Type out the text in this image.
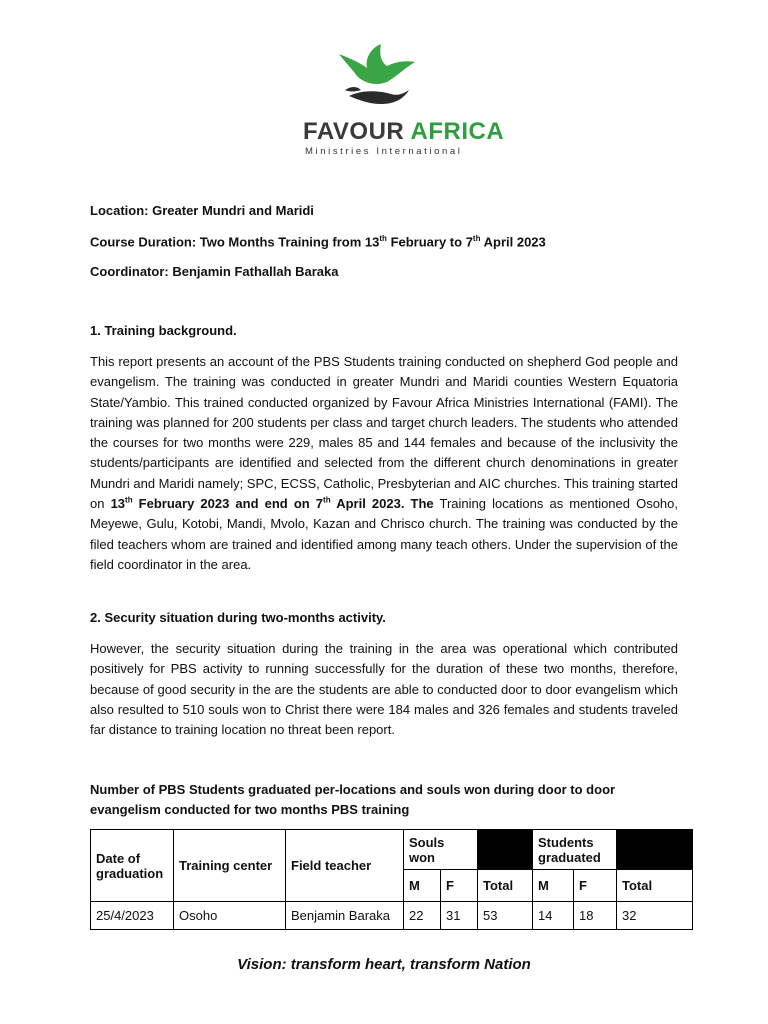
FAVOUR AFRICA
Ministries International
Location: Greater Mundri and Maridi
Course Duration: Two Months Training from 13th February to 7th April 2023
Coordinator: Benjamin Fathallah Baraka
1. Training background.
This report presents an account of the PBS Students training conducted on shepherd God people and evangelism. The training was conducted in greater Mundri and Maridi counties Western Equatoria State/Yambio. This trained conducted organized by Favour Africa Ministries International (FAMI). The training was planned for 200 students per class and target church leaders. The students who attended the courses for two months were 229, males 85 and 144 females and because of the inclusivity the students/participants are identified and selected from the different church denominations in greater Mundri and Maridi namely; SPC, ECSS, Catholic, Presbyterian and AIC churches. This training started on 13th February 2023 and end on 7th April 2023. The Training locations as mentioned Osoho, Meyewe, Gulu, Kotobi, Mandi, Mvolo, Kazan and Chrisco church. The training was conducted by the filed teachers whom are trained and identified among many teach others. Under the supervision of the field coordinator in the area.
2. Security situation during two-months activity.
However, the security situation during the training in the area was operational which contributed positively for PBS activity to running successfully for the duration of these two months, therefore, because of good security in the are the students are able to conducted door to door evangelism which also resulted to 510 souls won to Christ there were 184 males and 326 females and students traveled far distance to training location no threat been report.
Number of PBS Students graduated per-locations and souls won during door to door evangelism conducted for two months PBS training
Date of graduation	Training center	Field teacher	Souls won			Students graduated		
			M	F	Total	M	F	Total
25/4/2023	Osoho	Benjamin Baraka	22	31	53	14	18	32
Vision: transform heart, transform Nation
